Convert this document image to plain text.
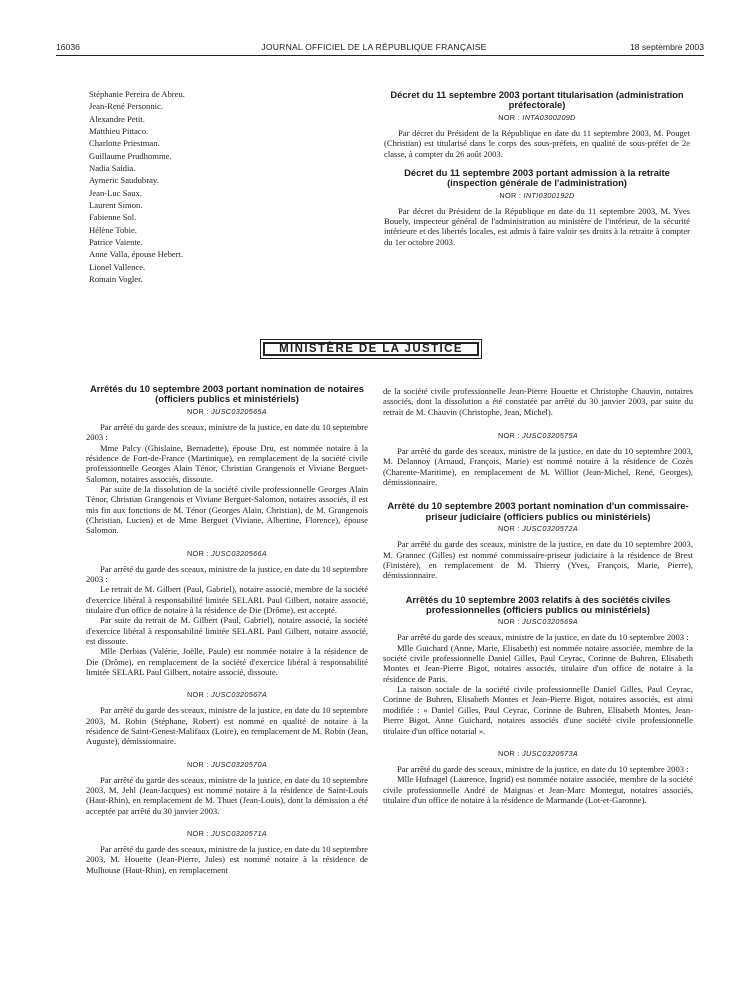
16036	JOURNAL OFFICIEL DE LA RÉPUBLIQUE FRANÇAISE	18 septembre 2003
Stéphanie Pereira de Abreu.
Jean-René Personnic.
Alexandre Petit.
Matthieu Pittaco.
Charlotte Priestman.
Guillaume Prudhomme.
Nadia Saidia.
Aymeric Saudubray.
Jean-Luc Saux.
Laurent Simon.
Fabienne Sol.
Hélène Tobie.
Patrice Vaiente.
Anne Valla, épouse Hebert.
Lionel Vallence.
Romain Vogler.

Décret du 11 septembre 2003 portant titularisation (administration préfectorale)

NOR : INTA0300209D

Par décret du Président de la République en date du 11 septembre 2003, M. Pouget (Christian) est titularisé dans le corps des sous-préfets, en qualité de sous-préfet de 2e classe, à compter du 26 août 2003.

Décret du 11 septembre 2003 portant admission à la retraite (inspection générale de l'administration)

NOR : INTI0300192D

Par décret du Président de la République en date du 11 septembre 2003, M. Yves Bouely, inspecteur général de l'administration au ministère de l'intérieur, de la sécurité intérieure et des libertés locales, est admis à faire valoir ses droits à la retraite à compter du 1er octobre 2003.

MINISTÈRE DE LA JUSTICE

Arrêtés du 10 septembre 2003 portant nomination de notaires (officiers publics et ministériels)

NOR : JUSC0320565A

Par arrêté du garde des sceaux, ministre de la justice, en date du 10 septembre 2003 :

Mme Palcy (Ghislaine, Bernadette), épouse Dru, est nommée notaire à la résidence de Fort-de-France (Martinique), en remplacement de la société civile professionnelle Georges Alain Ténor, Christian Grangenois et Viviane Berguet-Salomon, notaires associés, dissoute.

Par suite de la dissolution de la société civile professionnelle Georges Alain Ténor, Christian Grangenois et Viviane Berguet-Salomon, notaires associés, il est mis fin aux fonctions de M. Ténor (Georges Alain, Christian), de M. Grangenois (Christian, Lucien) et de Mme Berguet (Viviane, Albertine, Florence), épouse Salomon.

NOR : JUSC0320566A

Par arrêté du garde des sceaux, ministre de la justice, en date du 10 septembre 2003 :

Le retrait de M. Gilbert (Paul, Gabriel), notaire associé, membre de la société d'exercice libéral à responsabilité limitée SELARL Paul Gilbert, notaire associé, titulaire d'un office de notaire à la résidence de Die (Drôme), est accepté.

Par suite du retrait de M. Gilbert (Paul, Gabriel), notaire associé, la société d'exercice libéral à responsabilité limitée SELARL Paul Gilbert, notaire associé, est dissoute.

Mlle Derbias (Valérie, Joëlle, Paule) est nommée notaire à la résidence de Die (Drôme), en remplacement de la société d'exercice libéral à responsabilité limitée SELARL Paul Gilbert, notaire associé, dissoute.

NOR : JUSC0320567A

Par arrêté du garde des sceaux, ministre de la justice, en date du 10 septembre 2003, M. Robin (Stéphane, Robert) est nommé en qualité de notaire à la résidence de Saint-Genest-Malifaux (Loire), en remplacement de M. Robin (Jean, Auguste), démissionnaire.

NOR : JUSC0320570A

Par arrêté du garde des sceaux, ministre de la justice, en date du 10 septembre 2003, M. Jehl (Jean-Jacques) est nommé notaire à la résidence de Saint-Louis (Haut-Rhin), en remplacement de M. Thuet (Jean-Louis), dont la démission a été acceptée par arrêté du 30 janvier 2003.

NOR : JUSC0320571A

Par arrêté du garde des sceaux, ministre de la justice, en date du 10 septembre 2003, M. Houette (Jean-Pierre, Jules) est nommé notaire à la résidence de Mulhouse (Haut-Rhin), en remplacement

de la société civile professionnelle Jean-Pierre Houette et Christophe Chauvin, notaires associés, dont la dissolution a été constatée par arrêté du 30 janvier 2003, par suite du retrait de M. Chauvin (Christophe, Jean, Michel).

NOR : JUSC0320575A

Par arrêté du garde des sceaux, ministre de la justice, en date du 10 septembre 2003, M. Delannoy (Arnaud, François, Marie) est nommé notaire à la résidence de Cozès (Charente-Maritime), en remplacement de M. Williot (Jean-Michel, René, Georges), démissionnaire.

Arrêté du 10 septembre 2003 portant nomination d'un commissaire-priseur judiciaire (officiers publics ou ministériels)

NOR : JUSC0320572A

Par arrêté du garde des sceaux, ministre de la justice, en date du 10 septembre 2003, M. Grannec (Gilles) est nommé commissaire-priseur judiciaire à la résidence de Brest (Finistère), en remplacement de M. Thierry (Yves, François, Marie, Pierre), démissionnaire.

Arrêtés du 10 septembre 2003 relatifs à des sociétés civiles professionnelles (officiers publics ou ministériels)

NOR : JUSC0320569A

Par arrêté du garde des sceaux, ministre de la justice, en date du 10 septembre 2003 :

Mlle Guichard (Anne, Marie, Elisabeth) est nommée notaire associée, membre de la société civile professionnelle Daniel Gilles, Paul Ceyrac, Corinne de Buhren, Elisabeth Montes et Jean-Pierre Bigot, notaires associés, titulaire d'un office de notaire à la résidence de Paris.

La raison sociale de la société civile professionnelle Daniel Gilles, Paul Ceyrac, Corinne de Buhren, Elisabeth Montes et Jean-Pierre Bigot, notaires associés, est ainsi modifiée : « Daniel Gilles, Paul Ceyrac, Corinne de Buhren, Elisabeth Montes, Jean-Pierre Bigot, Anne Guichard, notaires associés d'une société civile professionnelle titulaire d'un office notarial ».

NOR : JUSC0320573A

Par arrêté du garde des sceaux, ministre de la justice, en date du 10 septembre 2003 :

Mlle Hufnagel (Laurence, Ingrid) est nommée notaire associée, membre de la société civile professionnelle André de Maignas et Jean-Marc Montegut, notaires associés, titulaire d'un office de notaire à la résidence de Marmande (Lot-et-Garonne).
